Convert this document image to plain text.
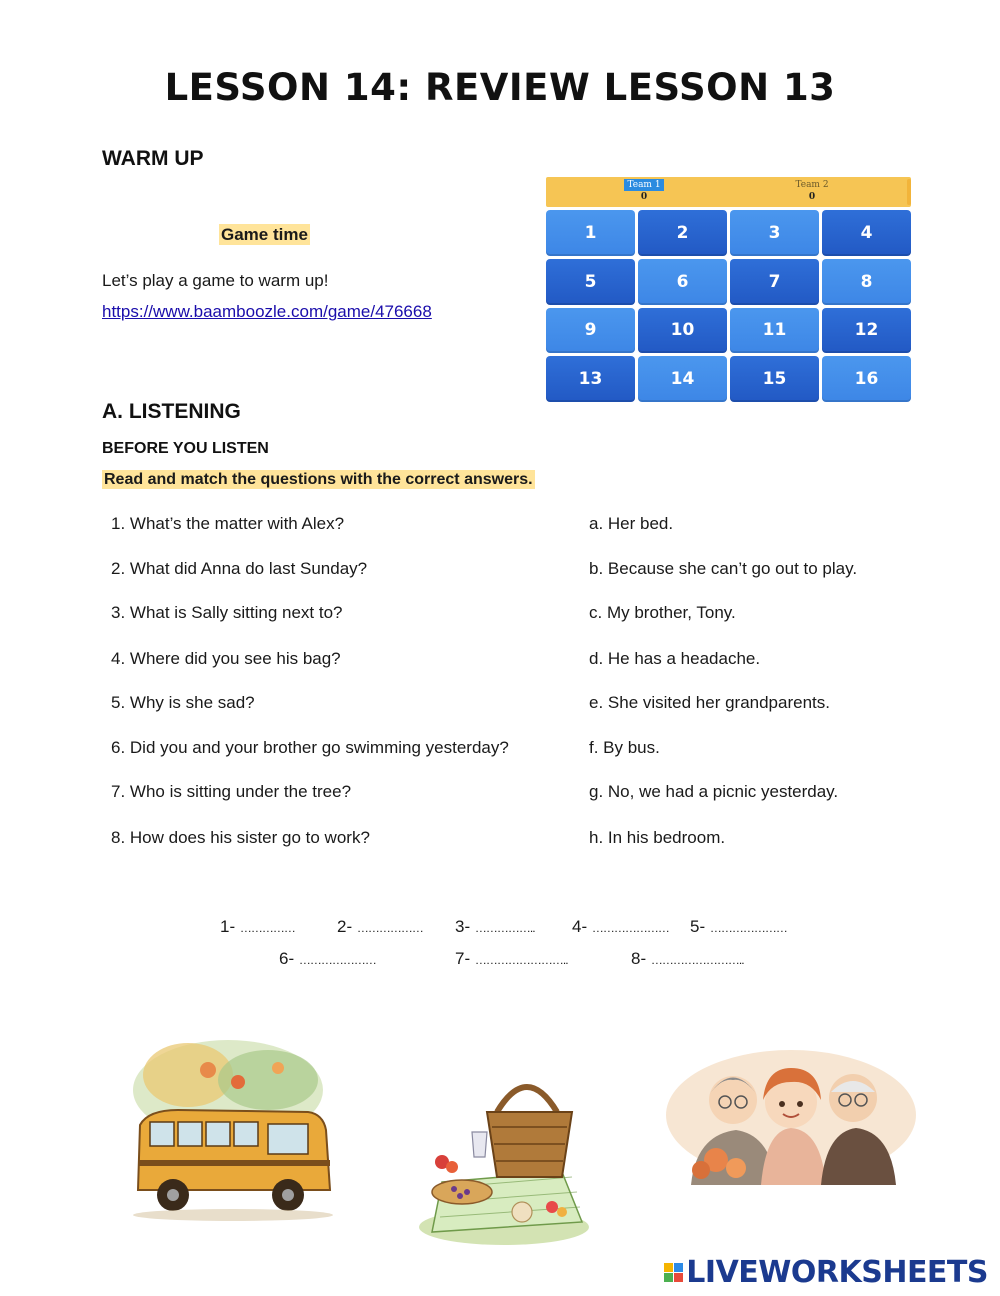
LESSON 14: REVIEW LESSON 13
WARM UP
Game time
Let’s play a game to warm up!
https://www.baamboozle.com/game/476668
Team 1
0
Team 2
0
1	2	3	4
5	6	7	8
9	10	11	12
13	14	15	16
A. LISTENING
BEFORE YOU LISTEN
Read and match the questions with the correct answers.
1. What’s the matter with Alex?
2. What did Anna do last Sunday?
3. What is Sally sitting next to?
4. Where did you see his bag?
5. Why is she sad?
6. Did you and your brother go swimming yesterday?
7. Who is sitting under the tree?
8. How does his sister go to work?
a. Her bed.
b. Because she can’t go out to play.
c. My brother, Tony.
d. He has a headache.
e. She visited her grandparents.
f. By bus.
g. No, we had a picnic yesterday.
h. In his bedroom.
1- …………… 2- ……………… 3- …………….. 4- ………………… 5- …………………
6- …………………	7- ……………………..	8- ……………………..
LIVEWORKSHEETS
